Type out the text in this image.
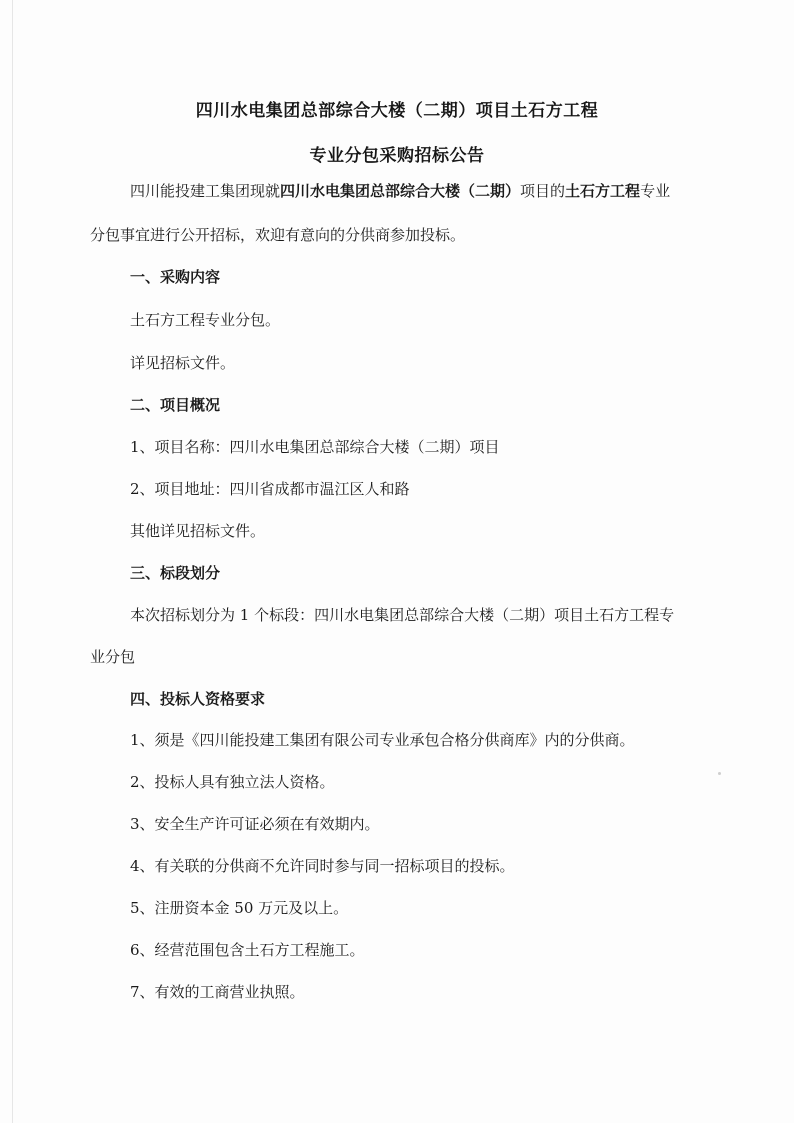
四川水电集团总部综合大楼（二期）项目土石方工程
专业分包采购招标公告

四川能投建工集团现就四川水电集团总部综合大楼（二期）项目的土石方工程专业

分包事宜进行公开招标，欢迎有意向的分供商参加投标。

一、采购内容

土石方工程专业分包。

详见招标文件。

二、项目概况

1、项目名称：四川水电集团总部综合大楼（二期）项目

2、项目地址：四川省成都市温江区人和路

其他详见招标文件。

三、标段划分

本次招标划分为 1 个标段：四川水电集团总部综合大楼（二期）项目土石方工程专

业分包

四、投标人资格要求

1、须是《四川能投建工集团有限公司专业承包合格分供商库》内的分供商。

2、投标人具有独立法人资格。

3、安全生产许可证必须在有效期内。

4、有关联的分供商不允许同时参与同一招标项目的投标。

5、注册资本金 50 万元及以上。

6、经营范围包含土石方工程施工。

7、有效的工商营业执照。
